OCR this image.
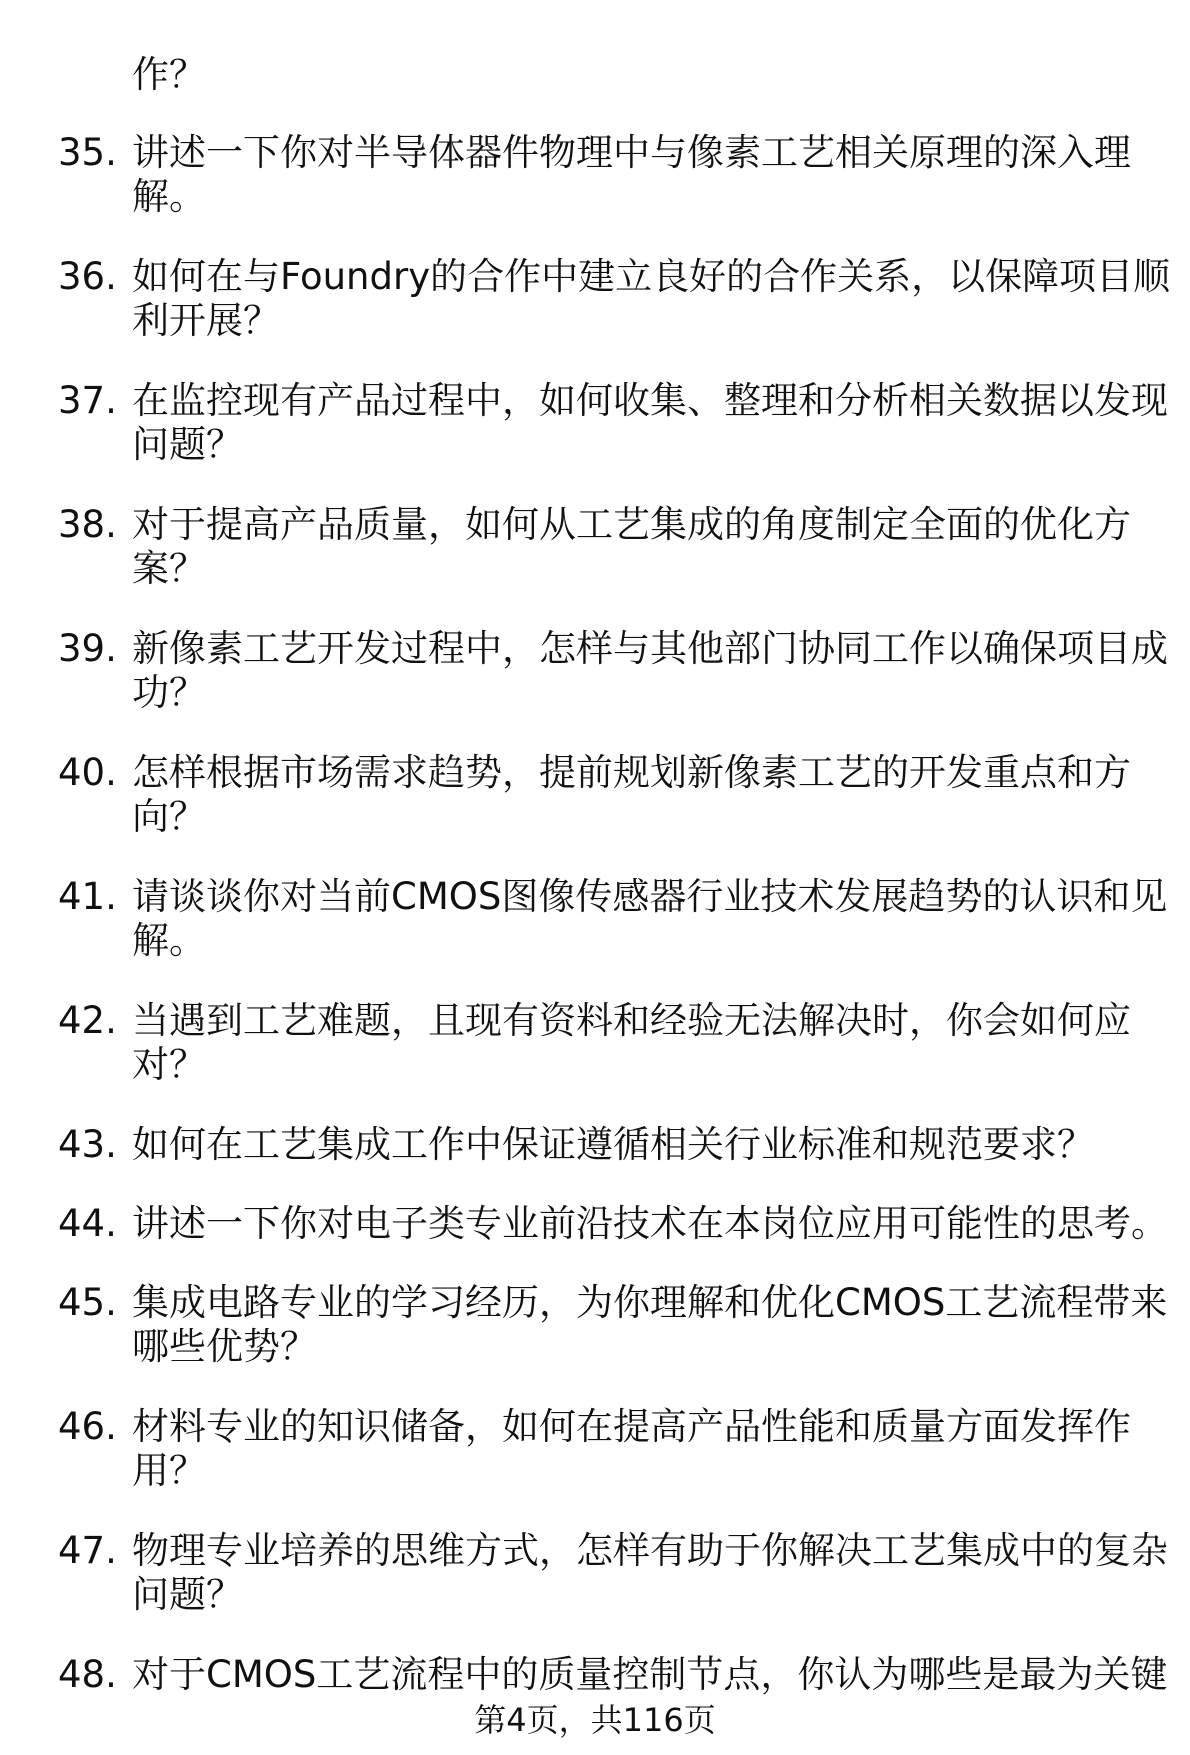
作？
35. 讲述一下你对半导体器件物理中与像素工艺相关原理的深入理
解。
36. 如何在与Foundry的合作中建立良好的合作关系，以保障项目顺
利开展？
37. 在监控现有产品过程中，如何收集、整理和分析相关数据以发现
问题？
38. 对于提高产品质量，如何从工艺集成的角度制定全面的优化方
案？
39. 新像素工艺开发过程中，怎样与其他部门协同工作以确保项目成
功？
40. 怎样根据市场需求趋势，提前规划新像素工艺的开发重点和方
向？
41. 请谈谈你对当前CMOS图像传感器行业技术发展趋势的认识和见
解。
42. 当遇到工艺难题，且现有资料和经验无法解决时，你会如何应
对？
43. 如何在工艺集成工作中保证遵循相关行业标准和规范要求？
44. 讲述一下你对电子类专业前沿技术在本岗位应用可能性的思考。
45. 集成电路专业的学习经历，为你理解和优化CMOS工艺流程带来
哪些优势？
46. 材料专业的知识储备，如何在提高产品性能和质量方面发挥作
用？
47. 物理专业培养的思维方式，怎样有助于你解决工艺集成中的复杂
问题？
48. 对于CMOS工艺流程中的质量控制节点，你认为哪些是最为关键
第4页，共116页
